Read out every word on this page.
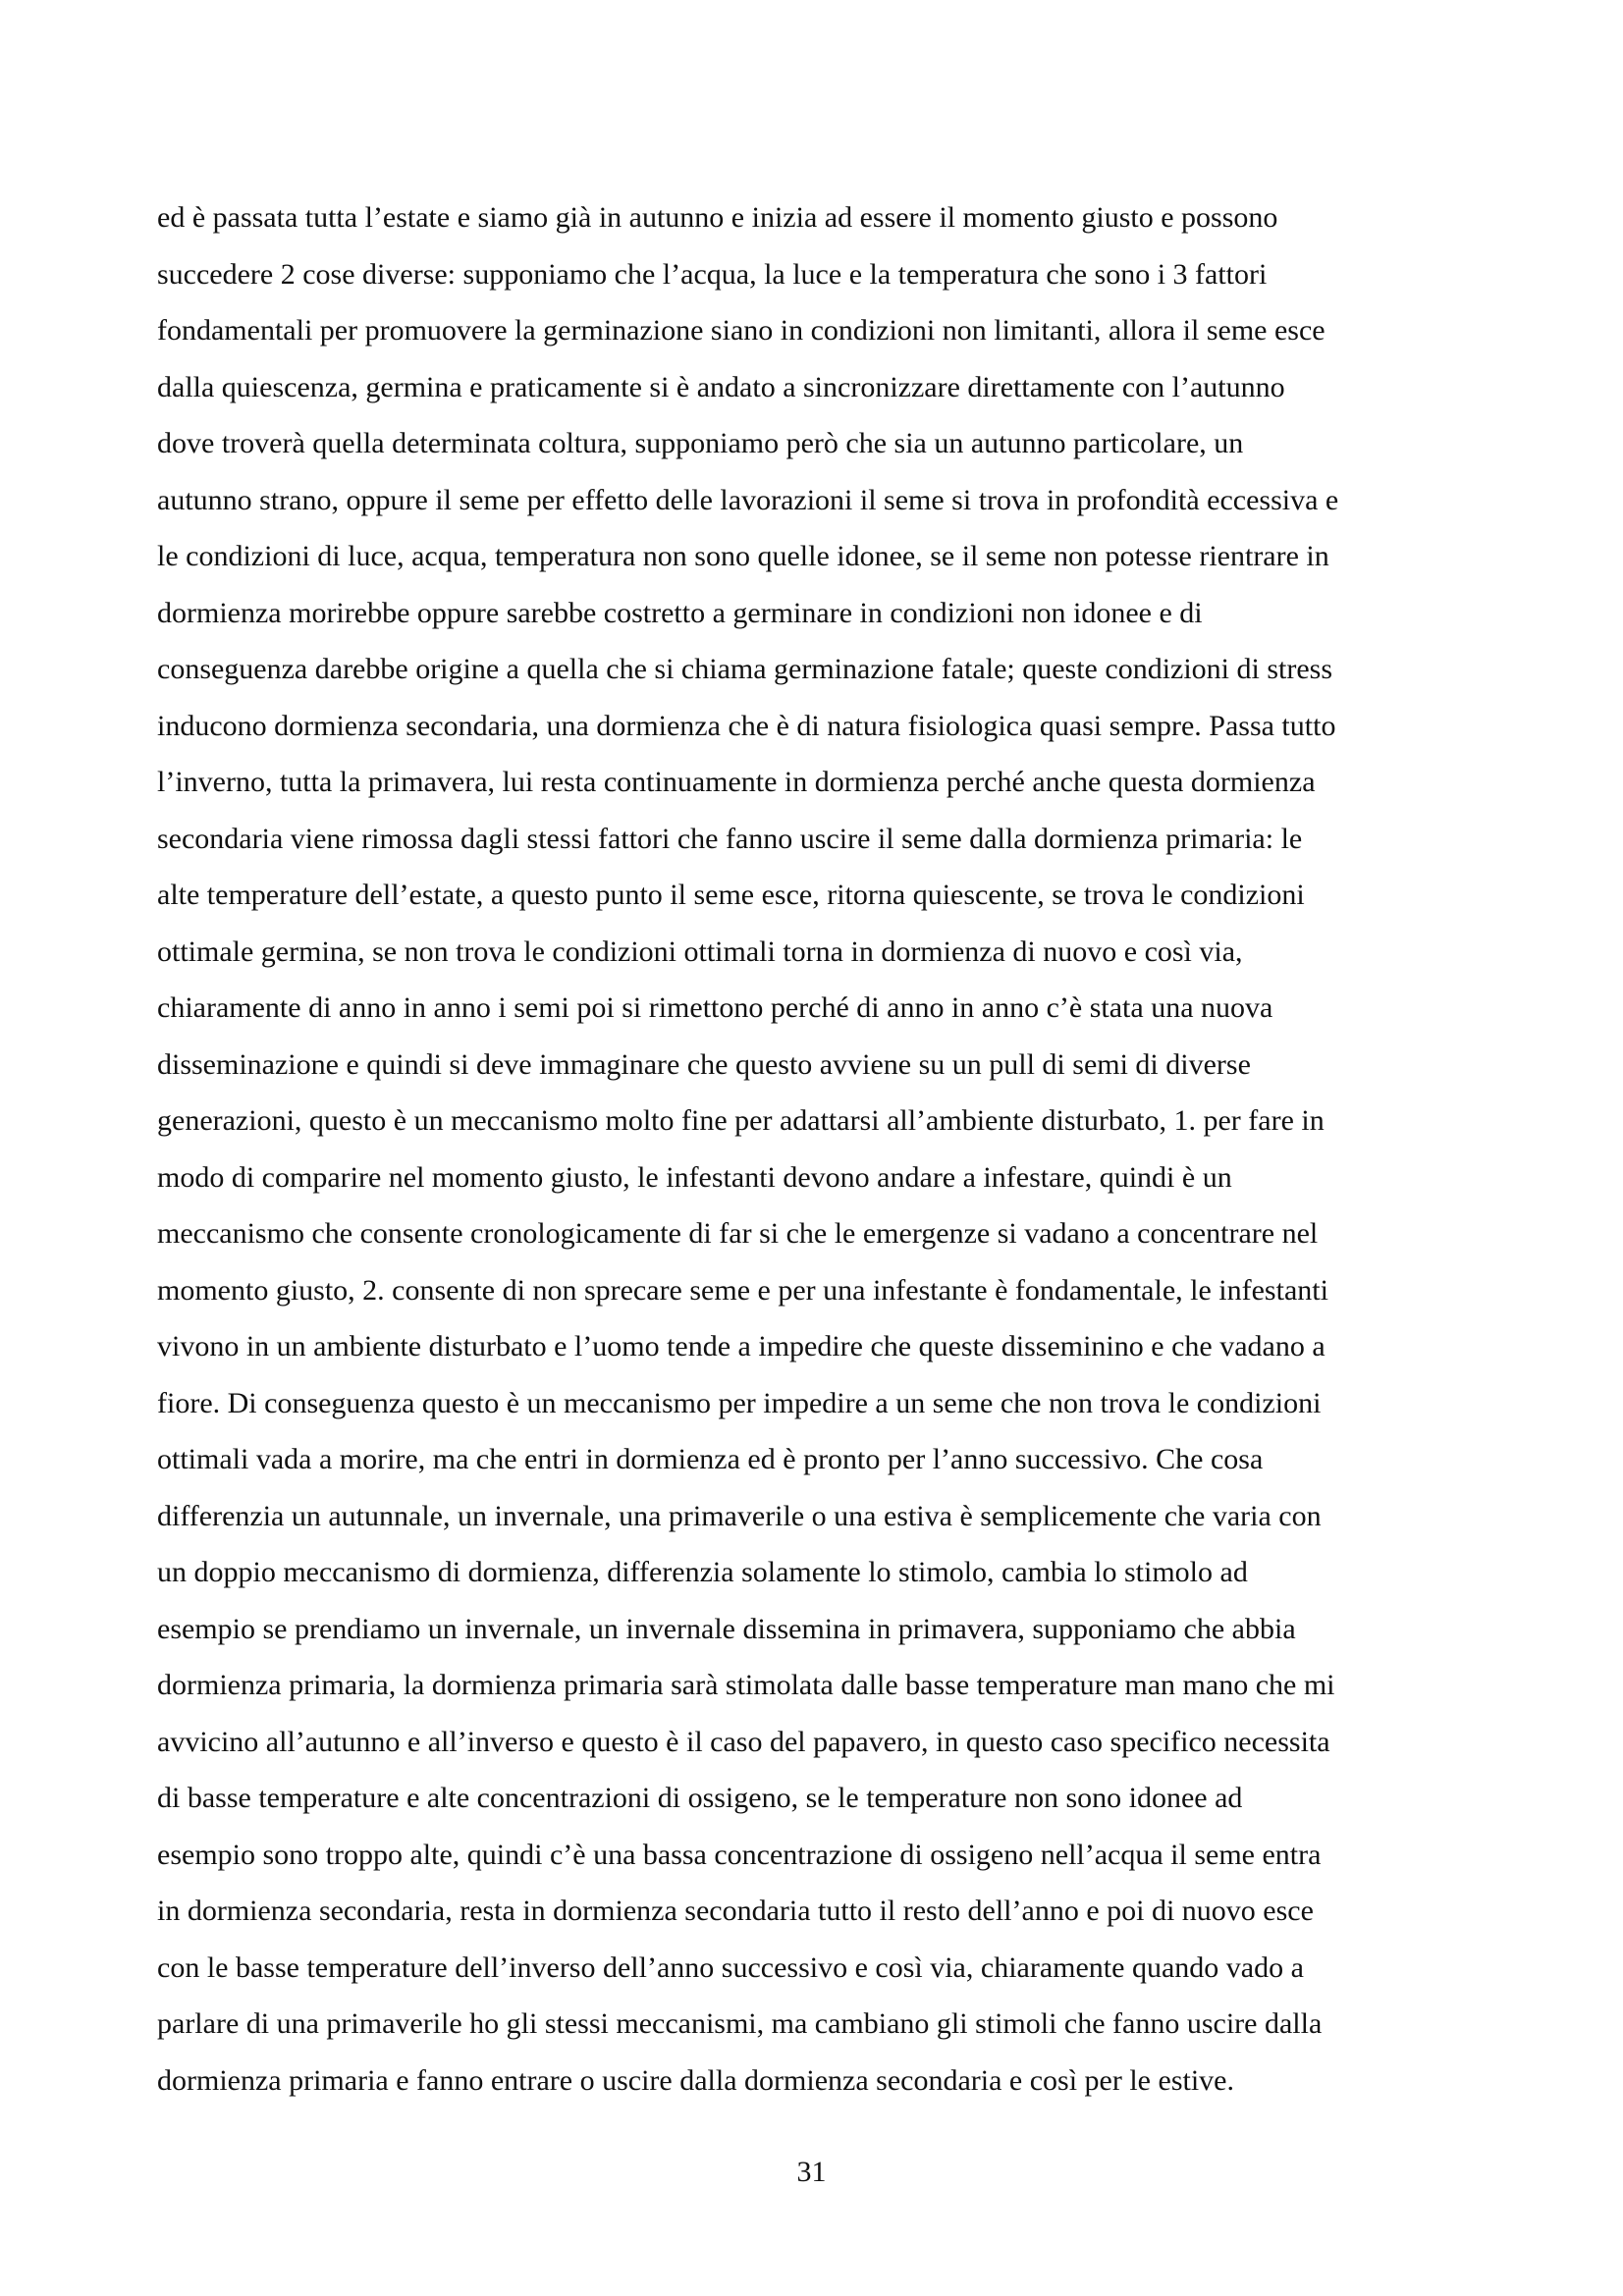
ed è passata tutta l’estate e siamo già in autunno e inizia ad essere il momento giusto e possono
succedere 2 cose diverse: supponiamo che l’acqua, la luce e la temperatura che sono i 3 fattori
fondamentali per promuovere la germinazione siano in condizioni non limitanti, allora il seme esce
dalla quiescenza, germina e praticamente si è andato a sincronizzare direttamente con l’autunno
dove troverà quella determinata coltura, supponiamo però che sia un autunno particolare, un
autunno strano, oppure il seme per effetto delle lavorazioni il seme si trova in profondità eccessiva e
le condizioni di luce, acqua, temperatura non sono quelle idonee, se il seme non potesse rientrare in
dormienza morirebbe oppure sarebbe costretto a germinare in condizioni non idonee e di
conseguenza darebbe origine a quella che si chiama germinazione fatale; queste condizioni di stress
inducono dormienza secondaria, una dormienza che è di natura fisiologica quasi sempre. Passa tutto
l’inverno, tutta la primavera, lui resta continuamente in dormienza perché anche questa dormienza
secondaria viene rimossa dagli stessi fattori che fanno uscire il seme dalla dormienza primaria: le
alte temperature dell’estate, a questo punto il seme esce, ritorna quiescente, se trova le condizioni
ottimale germina, se non trova le condizioni ottimali torna in dormienza di nuovo e così via,
chiaramente di anno in anno i semi poi si rimettono perché di anno in anno c’è stata una nuova
disseminazione e quindi si deve immaginare che questo avviene su un pull di semi di diverse
generazioni, questo è un meccanismo molto fine per adattarsi all’ambiente disturbato, 1. per fare in
modo di comparire nel momento giusto, le infestanti devono andare a infestare, quindi è un
meccanismo che consente cronologicamente di far si che le emergenze si vadano a concentrare nel
momento giusto, 2. consente di non sprecare seme e per una infestante è fondamentale, le infestanti
vivono in un ambiente disturbato e l’uomo tende a impedire che queste disseminino e che vadano a
fiore. Di conseguenza questo è un meccanismo per impedire a un seme che non trova le condizioni
ottimali vada a morire, ma che entri in dormienza ed è pronto per l’anno successivo. Che cosa
differenzia un autunnale, un invernale, una primaverile o una estiva è semplicemente che varia con
un doppio meccanismo di dormienza, differenzia solamente lo stimolo, cambia lo stimolo ad
esempio se prendiamo un invernale, un invernale dissemina in primavera, supponiamo che abbia
dormienza primaria, la dormienza primaria sarà stimolata dalle basse temperature man mano che mi
avvicino all’autunno e all’inverso e questo è il caso del papavero, in questo caso specifico necessita
di basse temperature e alte concentrazioni di ossigeno, se le temperature non sono idonee ad
esempio sono troppo alte, quindi c’è una bassa concentrazione di ossigeno nell’acqua il seme entra
in dormienza secondaria, resta in dormienza secondaria tutto il resto dell’anno e poi di nuovo esce
con le basse temperature dell’inverso dell’anno successivo e così via, chiaramente quando vado a
parlare di una primaverile ho gli stessi meccanismi, ma cambiano gli stimoli che fanno uscire dalla
dormienza primaria e fanno entrare o uscire dalla dormienza secondaria e così per le estive.
31
